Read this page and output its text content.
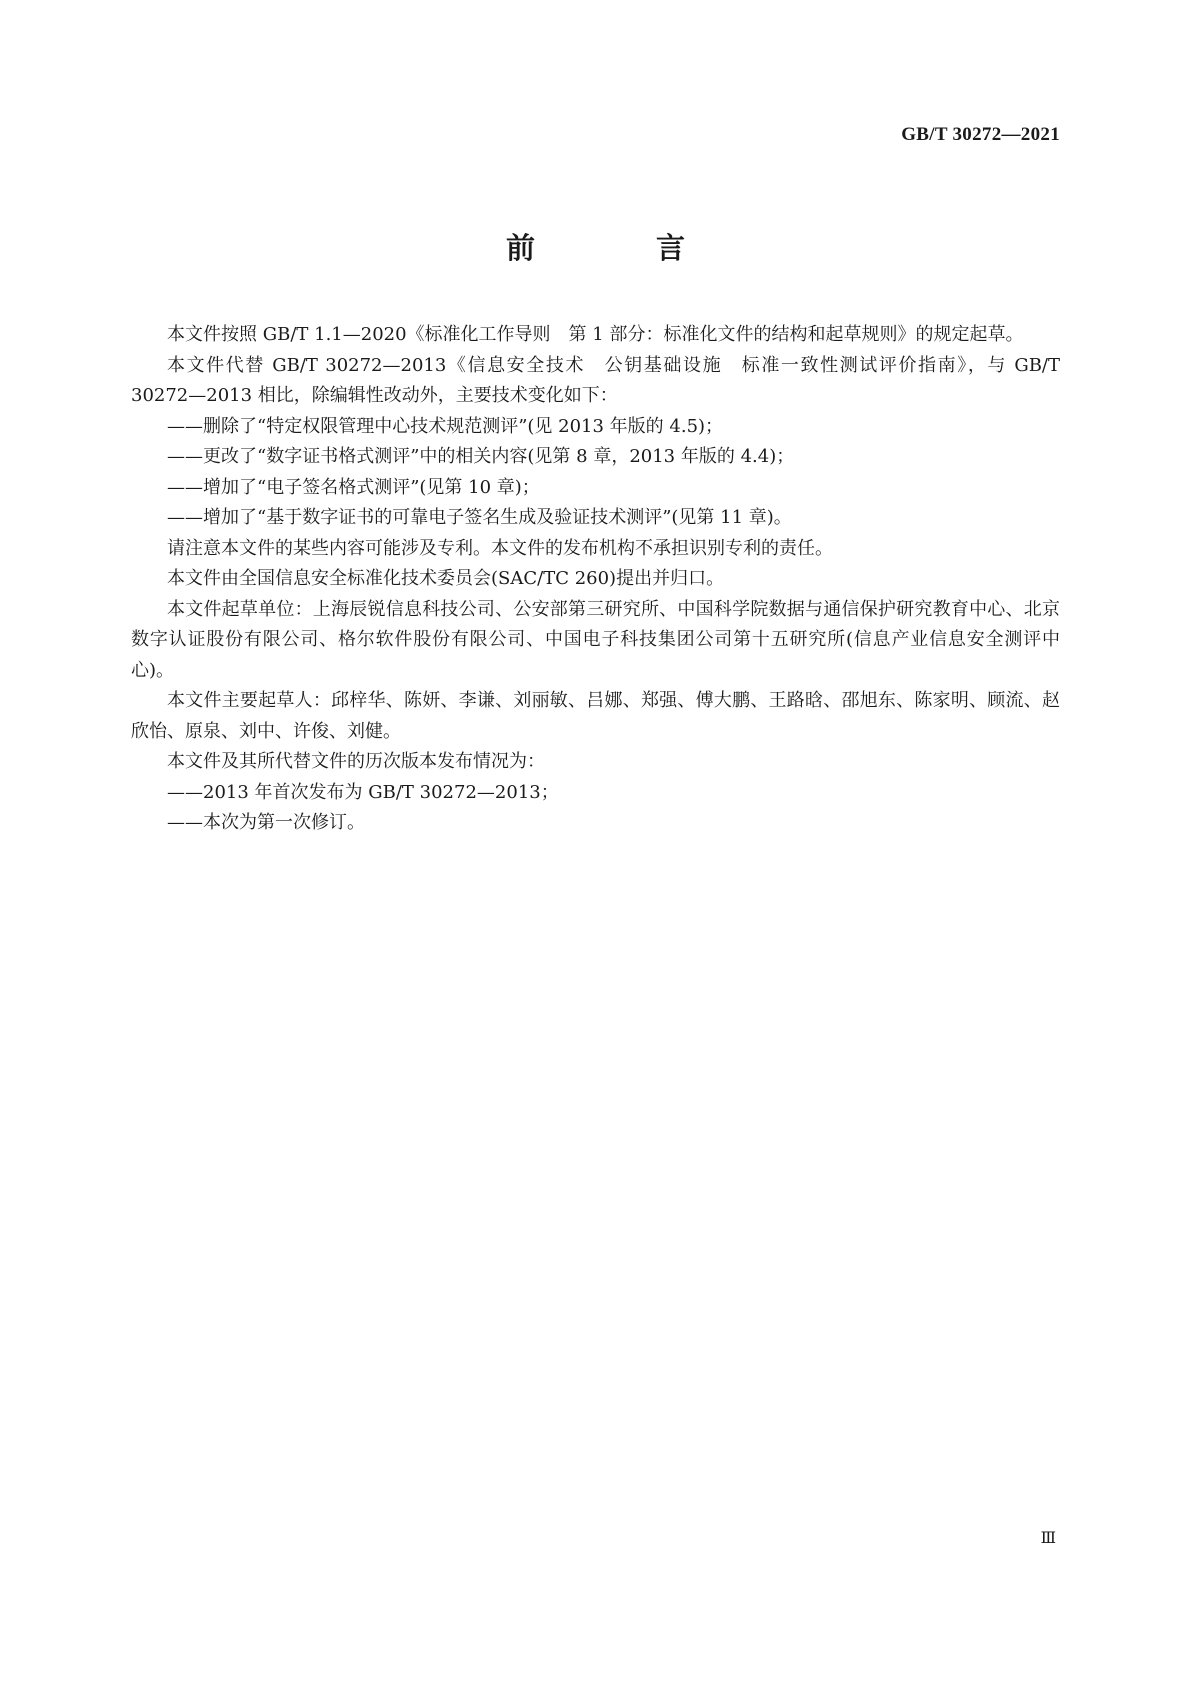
GB/T 30272—2021
前　言

本文件按照 GB/T 1.1—2020《标准化工作导则　第 1 部分：标准化文件的结构和起草规则》的规定起草。

本文件代替 GB/T 30272—2013《信息安全技术　公钥基础设施　标准一致性测试评价指南》，与 GB/T 30272—2013 相比，除编辑性改动外，主要技术变化如下：

——删除了“特定权限管理中心技术规范测评”(见 2013 年版的 4.5)；

——更改了“数字证书格式测评”中的相关内容(见第 8 章，2013 年版的 4.4)；

——增加了“电子签名格式测评”(见第 10 章)；

——增加了“基于数字证书的可靠电子签名生成及验证技术测评”(见第 11 章)。

请注意本文件的某些内容可能涉及专利。本文件的发布机构不承担识别专利的责任。

本文件由全国信息安全标准化技术委员会(SAC/TC 260)提出并归口。

本文件起草单位：上海辰锐信息科技公司、公安部第三研究所、中国科学院数据与通信保护研究教育中心、北京数字认证股份有限公司、格尔软件股份有限公司、中国电子科技集团公司第十五研究所(信息产业信息安全测评中心)。

本文件主要起草人：邱梓华、陈妍、李谦、刘丽敏、吕娜、郑强、傅大鹏、王路晗、邵旭东、陈家明、顾流、赵欣怡、原泉、刘中、许俊、刘健。

本文件及其所代替文件的历次版本发布情况为：

——2013 年首次发布为 GB/T 30272—2013；

——本次为第一次修订。

Ⅲ
